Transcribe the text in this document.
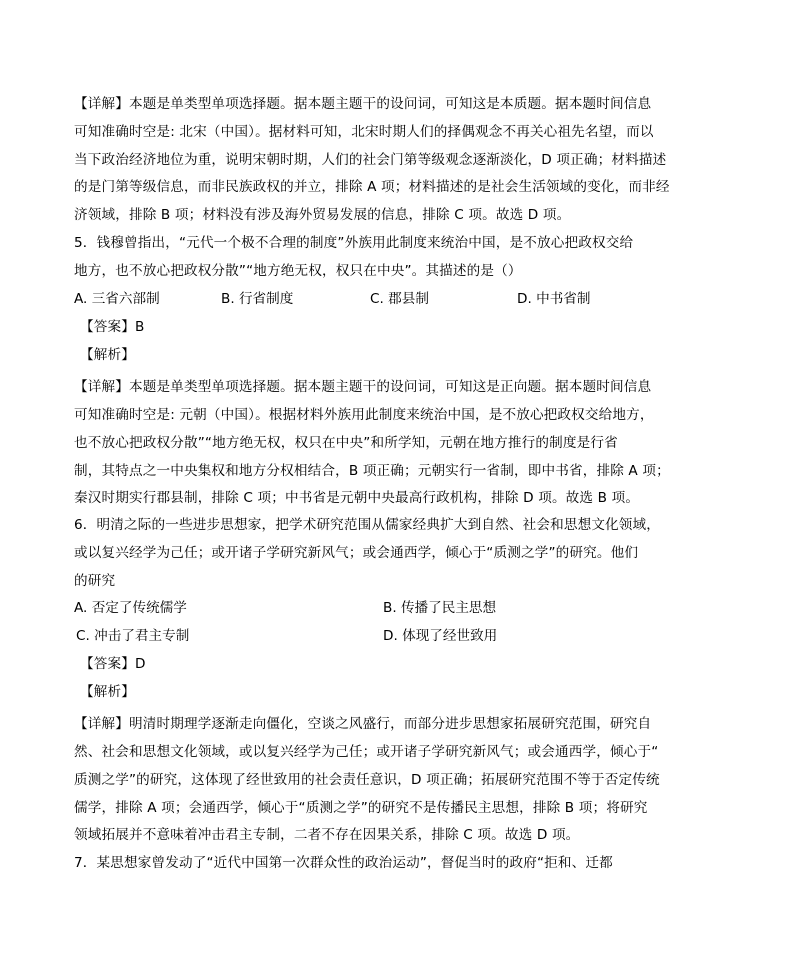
【详解】本题是单类型单项选择题。据本题主题干的设问词，可知这是本质题。据本题时间信息
可知准确时空是: 北宋（中国）。据材料可知，北宋时期人们的择偶观念不再关心祖先名望，而以
当下政治经济地位为重，说明宋朝时期，人们的社会门第等级观念逐渐淡化，D 项正确；材料描述
的是门第等级信息，而非民族政权的并立，排除 A 项；材料描述的是社会生活领域的变化，而非经
济领域，排除 B 项；材料没有涉及海外贸易发展的信息，排除 C 项。故选 D 项。
5．钱穆曾指出，“元代一个极不合理的制度”外族用此制度来统治中国，是不放心把政权交给
地方，也不放心把政权分散”“地方绝无权，权只在中央”。其描述的是（）
A. 三省六部制	B. 行省制度	C. 郡县制	D. 中书省制
【答案】B
【解析】
【详解】本题是单类型单项选择题。据本题主题干的设问词，可知这是正向题。据本题时间信息
可知准确时空是: 元朝（中国）。根据材料外族用此制度来统治中国，是不放心把政权交给地方，
也不放心把政权分散”“地方绝无权，权只在中央”和所学知，元朝在地方推行的制度是行省
制，其特点之一中央集权和地方分权相结合，B 项正确；元朝实行一省制，即中书省，排除 A 项；
秦汉时期实行郡县制，排除 C 项；中书省是元朝中央最高行政机构，排除 D 项。故选 B 项。
6．明清之际的一些进步思想家，把学术研究范围从儒家经典扩大到自然、社会和思想文化领域，
或以复兴经学为己任；或开诸子学研究新风气；或会通西学，倾心于“质测之学”的研究。他们
的研究
A. 否定了传统儒学	B. 传播了民主思想
C. 冲击了君主专制	D. 体现了经世致用
【答案】D
【解析】
【详解】明清时期理学逐渐走向僵化，空谈之风盛行，而部分进步思想家拓展研究范围，研究自
然、社会和思想文化领域，或以复兴经学为己任；或开诸子学研究新风气；或会通西学，倾心于“
质测之学”的研究，这体现了经世致用的社会责任意识，D 项正确；拓展研究范围不等于否定传统
儒学，排除 A 项；会通西学，倾心于“质测之学”的研究不是传播民主思想，排除 B 项；将研究
领域拓展并不意味着冲击君主专制，二者不存在因果关系，排除 C 项。故选 D 项。
7．某思想家曾发动了“近代中国第一次群众性的政治运动”，督促当时的政府“拒和、迁都
